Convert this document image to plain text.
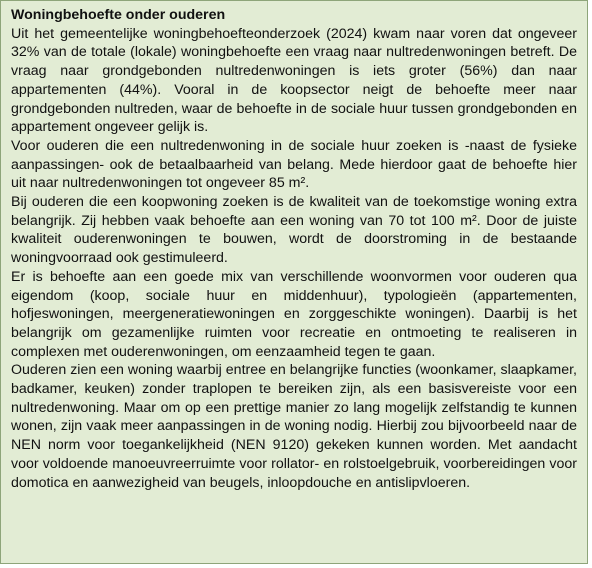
Woningbehoefte onder ouderen

Uit het gemeentelijke woningbehoefteonderzoek (2024) kwam naar voren dat ongeveer 32% van de totale (lokale) woningbehoefte een vraag naar nultredenwoningen betreft. De vraag naar grondgebonden nultredenwoningen is iets groter (56%) dan naar appartementen (44%). Vooral in de koopsector neigt de behoefte meer naar grondgebonden nultreden, waar de behoefte in de sociale huur tussen grondgebonden en appartement ongeveer gelijk is.

Voor ouderen die een nultredenwoning in de sociale huur zoeken is -naast de fysieke aanpassingen- ook de betaalbaarheid van belang. Mede hierdoor gaat de behoefte hier uit naar nultredenwoningen tot ongeveer 85 m².

Bij ouderen die een koopwoning zoeken is de kwaliteit van de toekomstige woning extra belangrijk. Zij hebben vaak behoefte aan een woning van 70 tot 100 m². Door de juiste kwaliteit ouderenwoningen te bouwen, wordt de doorstroming in de bestaande woningvoorraad ook gestimuleerd.

Er is behoefte aan een goede mix van verschillende woonvormen voor ouderen qua eigendom (koop, sociale huur en middenhuur), typologieën (appartementen, hofjeswoningen, meergeneratiewoningen en zorggeschikte woningen). Daarbij is het belangrijk om gezamenlijke ruimten voor recreatie en ontmoeting te realiseren in complexen met ouderenwoningen, om eenzaamheid tegen te gaan.

Ouderen zien een woning waarbij entree en belangrijke functies (woonkamer, slaapkamer, badkamer, keuken) zonder traplopen te bereiken zijn, als een basisvereiste voor een nultredenwoning. Maar om op een prettige manier zo lang mogelijk zelfstandig te kunnen wonen, zijn vaak meer aanpassingen in de woning nodig. Hierbij zou bijvoorbeeld naar de NEN norm voor toegankelijkheid (NEN 9120) gekeken kunnen worden. Met aandacht voor voldoende manoeuvreerruimte voor rollator- en rolstoelgebruik, voorbereidingen voor domotica en aanwezigheid van beugels, inloopdouche en antislipvloeren.
